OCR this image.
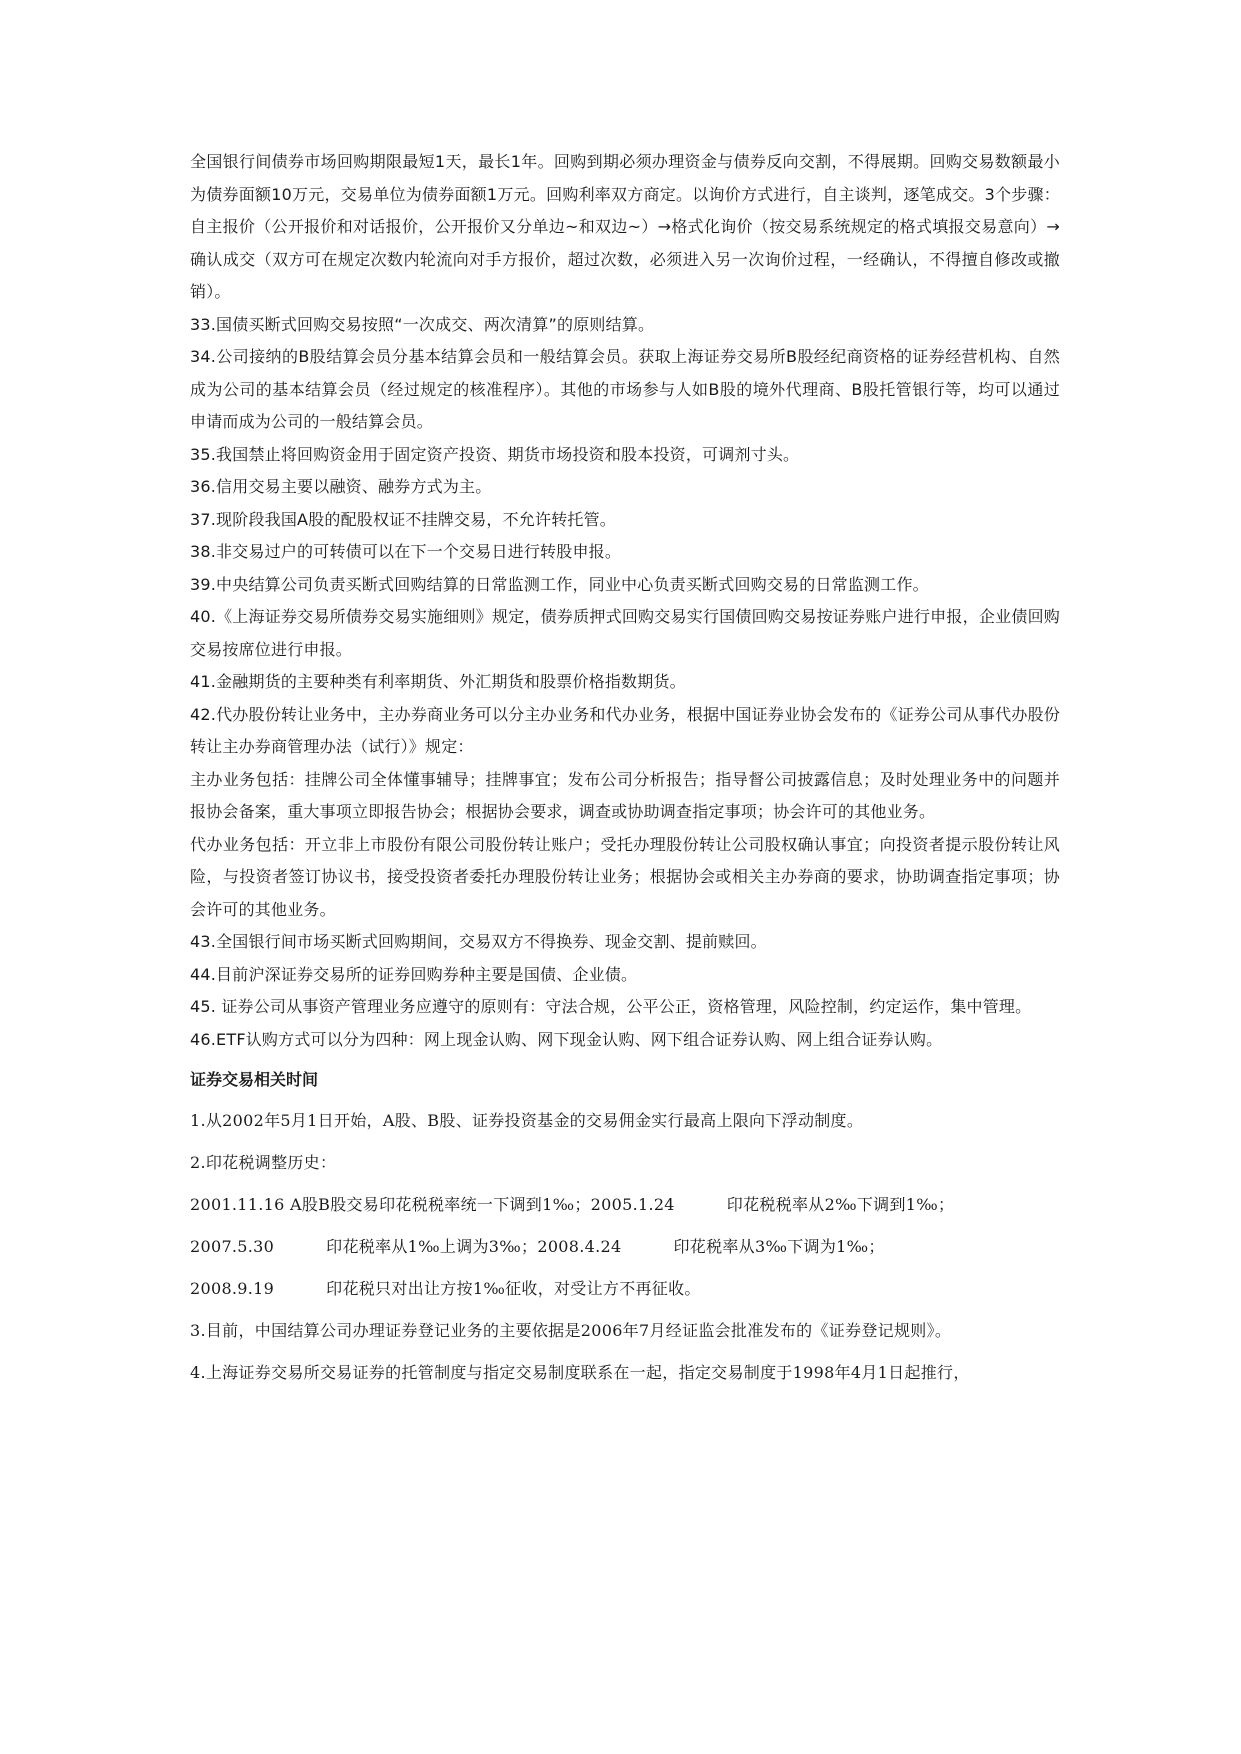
全国银行间债券市场回购期限最短1天，最长1年。回购到期必须办理资金与债券反向交割，不得展期。回购交易数额最小为债券面额10万元，交易单位为债券面额1万元。回购利率双方商定。以询价方式进行，自主谈判，逐笔成交。3个步骤：自主报价（公开报价和对话报价，公开报价又分单边~和双边~）→格式化询价（按交易系统规定的格式填报交易意向）→确认成交（双方可在规定次数内轮流向对手方报价，超过次数，必须进入另一次询价过程，一经确认，不得擅自修改或撤销）。

33.国债买断式回购交易按照“一次成交、两次清算”的原则结算。

34.公司接纳的B股结算会员分基本结算会员和一般结算会员。获取上海证券交易所B股经纪商资格的证券经营机构、自然成为公司的基本结算会员（经过规定的核准程序）。其他的市场参与人如B股的境外代理商、B股托管银行等，均可以通过申请而成为公司的一般结算会员。

35.我国禁止将回购资金用于固定资产投资、期货市场投资和股本投资，可调剂寸头。

36.信用交易主要以融资、融券方式为主。

37.现阶段我国A股的配股权证不挂牌交易，不允许转托管。

38.非交易过户的可转债可以在下一个交易日进行转股申报。

39.中央结算公司负责买断式回购结算的日常监测工作，同业中心负责买断式回购交易的日常监测工作。

40.《上海证券交易所债券交易实施细则》规定，债券质押式回购交易实行国债回购交易按证券账户进行申报，企业债回购交易按席位进行申报。

41.金融期货的主要种类有利率期货、外汇期货和股票价格指数期货。

42.代办股份转让业务中，主办券商业务可以分主办业务和代办业务，根据中国证券业协会发布的《证券公司从事代办股份转让主办券商管理办法（试行）》规定：

主办业务包括：挂牌公司全体懂事辅导；挂牌事宜；发布公司分析报告；指导督公司披露信息；及时处理业务中的问题并报协会备案，重大事项立即报告协会；根据协会要求，调查或协助调查指定事项；协会许可的其他业务。

代办业务包括：开立非上市股份有限公司股份转让账户；受托办理股份转让公司股权确认事宜；向投资者提示股份转让风险，与投资者签订协议书，接受投资者委托办理股份转让业务；根据协会或相关主办券商的要求，协助调查指定事项；协会许可的其他业务。

43.全国银行间市场买断式回购期间，交易双方不得换券、现金交割、提前赎回。

44.目前沪深证券交易所的证券回购券种主要是国债、企业债。

45. 证券公司从事资产管理业务应遵守的原则有：守法合规，公平公正，资格管理，风险控制，约定运作，集中管理。

46.ETF认购方式可以分为四种：网上现金认购、网下现金认购、网下组合证券认购、网上组合证券认购。

证券交易相关时间

1.从2002年5月1日开始，A股、B股、证券投资基金的交易佣金实行最高上限向下浮动制度。

2.印花税调整历史：

2001.11.16 A股B股交易印花税税率统一下调到1‰；2005.1.24	印花税税率从2‰下调到1‰；

2007.5.30	印花税率从1‰上调为3‰；2008.4.24	印花税率从3‰下调为1‰；

2008.9.19	印花税只对出让方按1‰征收，对受让方不再征收。

3.目前，中国结算公司办理证券登记业务的主要依据是2006年7月经证监会批准发布的《证券登记规则》。

4.上海证券交易所交易证券的托管制度与指定交易制度联系在一起，指定交易制度于1998年4月1日起推行，
